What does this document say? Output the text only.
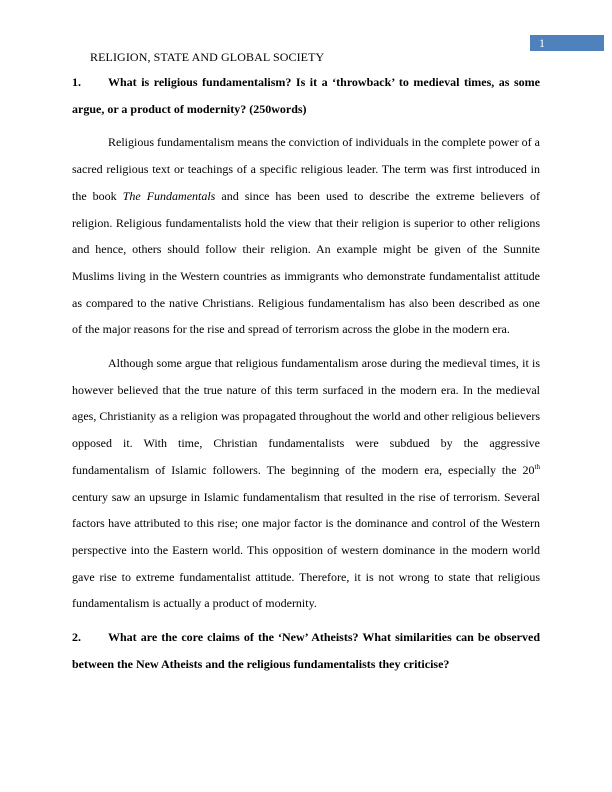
1
RELIGION, STATE AND GLOBAL SOCIETY

1. What is religious fundamentalism? Is it a ‘throwback’ to medieval times, as some argue, or a product of modernity? (250words)

Religious fundamentalism means the conviction of individuals in the complete power of a sacred religious text or teachings of a specific religious leader. The term was first introduced in the book The Fundamentals and since has been used to describe the extreme believers of religion. Religious fundamentalists hold the view that their religion is superior to other religions and hence, others should follow their religion. An example might be given of the Sunnite Muslims living in the Western countries as immigrants who demonstrate fundamentalist attitude as compared to the native Christians. Religious fundamentalism has also been described as one of the major reasons for the rise and spread of terrorism across the globe in the modern era.

Although some argue that religious fundamentalism arose during the medieval times, it is however believed that the true nature of this term surfaced in the modern era. In the medieval ages, Christianity as a religion was propagated throughout the world and other religious believers opposed it. With time, Christian fundamentalists were subdued by the aggressive fundamentalism of Islamic followers. The beginning of the modern era, especially the 20th century saw an upsurge in Islamic fundamentalism that resulted in the rise of terrorism. Several factors have attributed to this rise; one major factor is the dominance and control of the Western perspective into the Eastern world. This opposition of western dominance in the modern world gave rise to extreme fundamentalist attitude. Therefore, it is not wrong to state that religious fundamentalism is actually a product of modernity.

2. What are the core claims of the ‘New’ Atheists? What similarities can be observed between the New Atheists and the religious fundamentalists they criticise?
